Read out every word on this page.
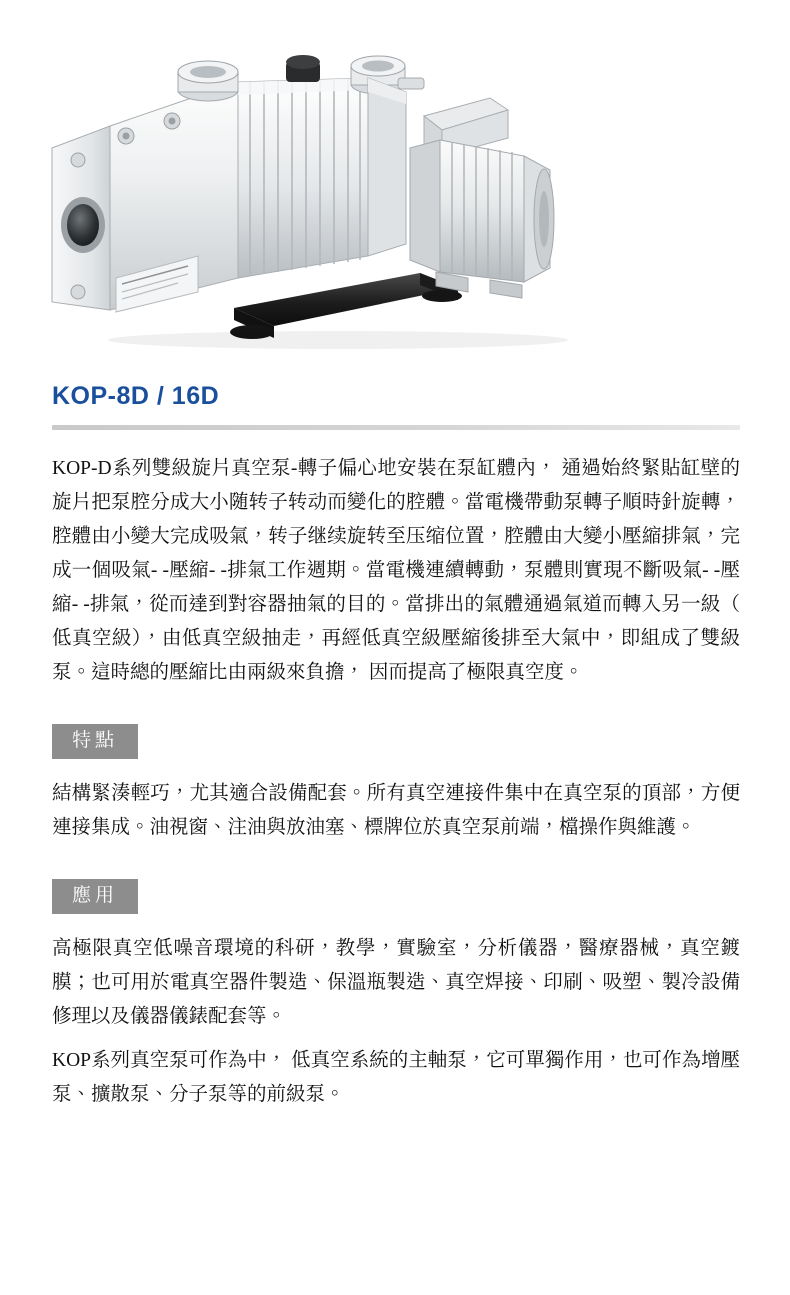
KOP-8D / 16D

KOP-D系列雙級旋片真空泵-轉子偏心地安裝在泵缸體內， 通過始終緊貼缸壁的旋片把泵腔分成大小随转子转动而變化的腔體。當電機帶動泵轉子順時針旋轉， 腔體由小變大完成吸氣，转子继续旋转至压缩位置，腔體由大變小壓縮排氣，完成一個吸氣- -壓縮- -排氣工作週期。當電機連續轉動，泵體則實現不斷吸氣- -壓縮- -排氣，從而達到對容器抽氣的目的。當排出的氣體通過氣道而轉入另一級（ 低真空級），由低真空級抽走，再經低真空級壓縮後排至大氣中，即組成了雙級泵。這時總的壓縮比由兩級來負擔， 因而提高了極限真空度。

特點

結構緊湊輕巧，尤其適合設備配套。所有真空連接件集中在真空泵的頂部，方便連接集成。油視窗、注油與放油塞、標牌位於真空泵前端，檔操作與維護。

應用

高極限真空低噪音環境的科研，教學，實驗室，分析儀器，醫療器械，真空鍍膜；也可用於電真空器件製造、保溫瓶製造、真空焊接、印刷、吸塑、製冷設備修理以及儀器儀錶配套等。

KOP系列真空泵可作為中， 低真空系統的主軸泵，它可單獨作用，也可作為增壓泵、擴散泵、分子泵等的前級泵。
